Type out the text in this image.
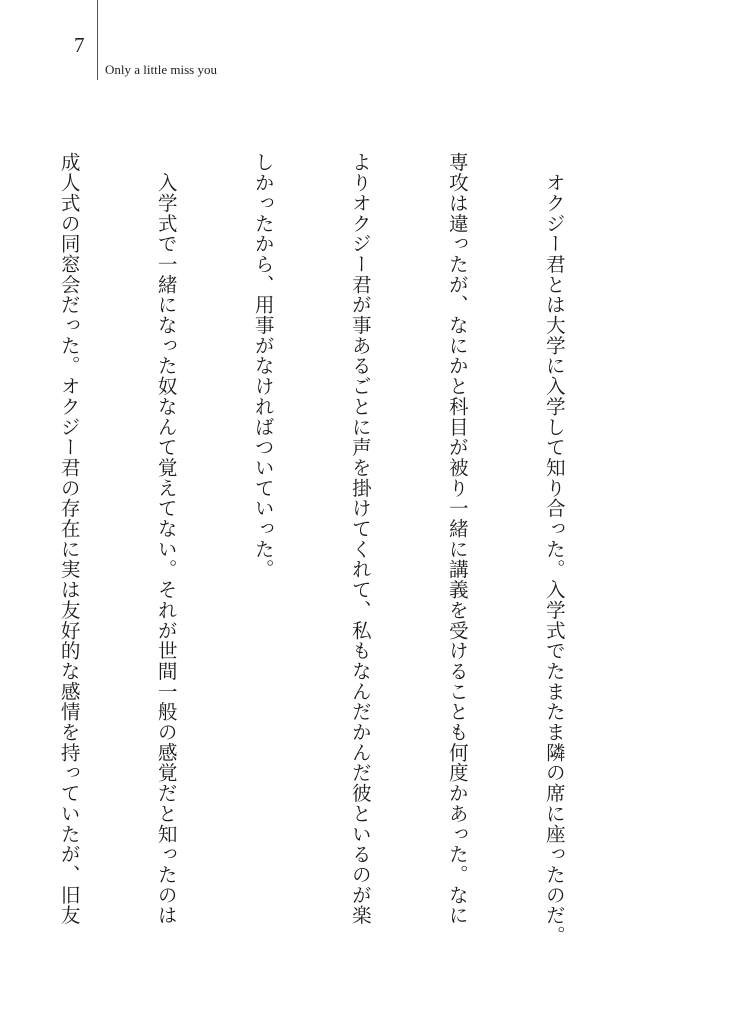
7
Only a little miss you

　オクジー君とは大学に入学して知り合った。入学式でたまたま隣の席に座ったのだ。

専攻は違ったが、なにかと科目が被り一緒に講義を受けることも何度かあった。なに

よりオクジー君が事あるごとに声を掛けてくれて、私もなんだかんだ彼といるのが楽

しかったから、用事がなければついていった。

　入学式で一緒になった奴なんて覚えてない。それが世間一般の感覚だと知ったのは

成人式の同窓会だった。オクジー君の存在に実は友好的な感情を持っていたが、旧友
